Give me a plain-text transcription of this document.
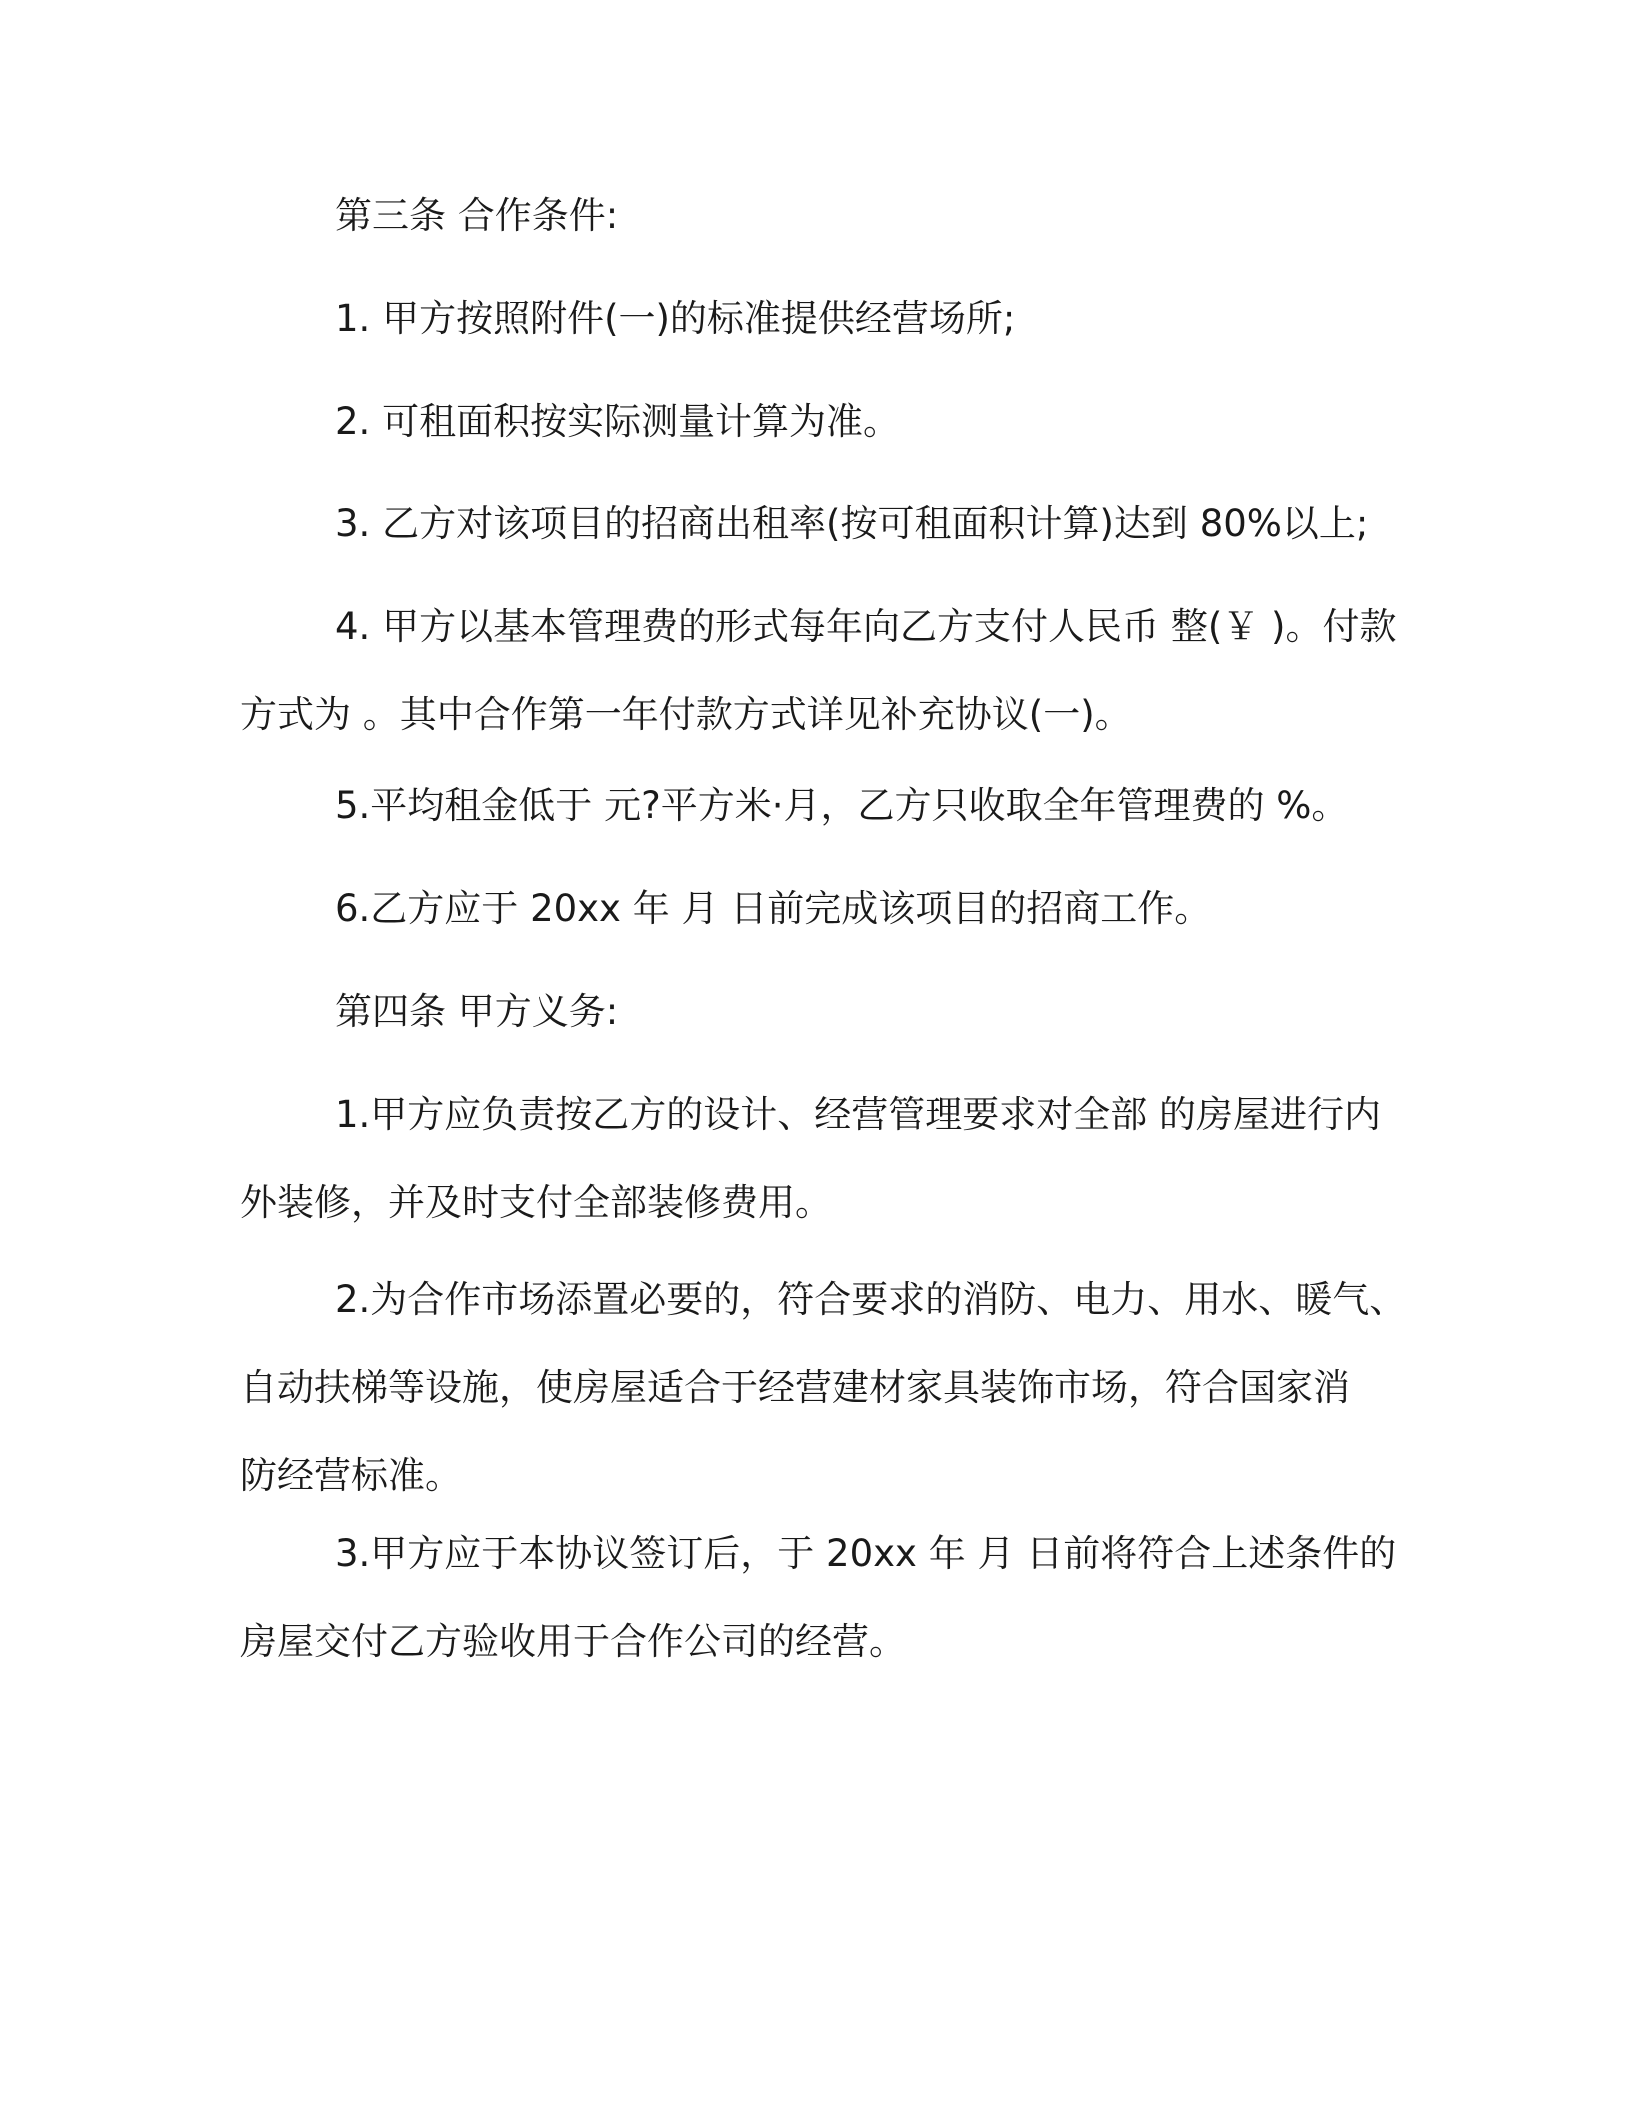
第三条 合作条件:

1. 甲方按照附件(一)的标准提供经营场所;

2. 可租面积按实际测量计算为准。

3. 乙方对该项目的招商出租率(按可租面积计算)达到 80%以上;

4. 甲方以基本管理费的形式每年向乙方支付人民币 整(￥ )。付款
方式为 。其中合作第一年付款方式详见补充协议(一)。

5.平均租金低于 元?平方米·月，乙方只收取全年管理费的 %。

6.乙方应于 20xx 年 月 日前完成该项目的招商工作。

第四条 甲方义务:

1.甲方应负责按乙方的设计、经营管理要求对全部 的房屋进行内
外装修，并及时支付全部装修费用。

2.为合作市场添置必要的，符合要求的消防、电力、用水、暖气、
自动扶梯等设施，使房屋适合于经营建材家具装饰市场，符合国家消
防经营标准。

3.甲方应于本协议签订后，于 20xx 年 月 日前将符合上述条件的
房屋交付乙方验收用于合作公司的经营。
